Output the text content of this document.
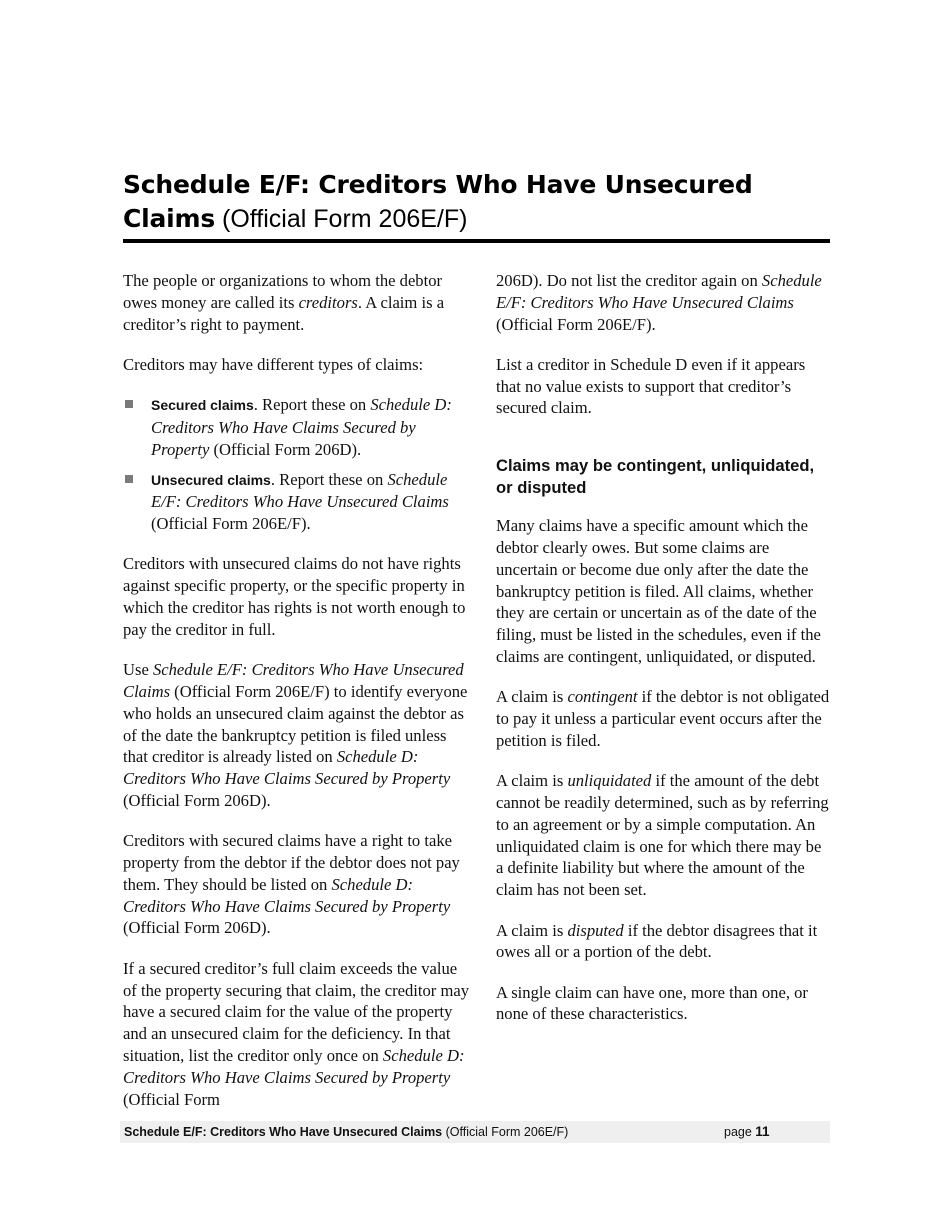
Schedule E/F: Creditors Who Have Unsecured
Claims (Official Form 206E/F)

The people or organizations to whom the debtor owes money are called its creditors. A claim is a creditor’s right to payment.

Creditors may have different types of claims:

Secured claims. Report these on Schedule D: Creditors Who Have Claims Secured by Property (Official Form 206D).
Unsecured claims. Report these on Schedule E/F: Creditors Who Have Unsecured Claims (Official Form 206E/F).

Creditors with unsecured claims do not have rights against specific property, or the specific property in which the creditor has rights is not worth enough to pay the creditor in full.

Use Schedule E/F: Creditors Who Have Unsecured Claims (Official Form 206E/F) to identify everyone who holds an unsecured claim against the debtor as of the date the bankruptcy petition is filed unless that creditor is already listed on Schedule D: Creditors Who Have Claims Secured by Property (Official Form 206D).

Creditors with secured claims have a right to take property from the debtor if the debtor does not pay them. They should be listed on Schedule D: Creditors Who Have Claims Secured by Property (Official Form 206D).

If a secured creditor’s full claim exceeds the value of the property securing that claim, the creditor may have a secured claim for the value of the property and an unsecured claim for the deficiency. In that situation, list the creditor only once on Schedule D: Creditors Who Have Claims Secured by Property (Official Form

206D). Do not list the creditor again on Schedule E/F: Creditors Who Have Unsecured Claims (Official Form 206E/F).

List a creditor in Schedule D even if it appears that no value exists to support that creditor’s secured claim.

Claims may be contingent, unliquidated, or disputed

Many claims have a specific amount which the debtor clearly owes. But some claims are uncertain or become due only after the date the bankruptcy petition is filed. All claims, whether they are certain or uncertain as of the date of the filing, must be listed in the schedules, even if the claims are contingent, unliquidated, or disputed.

A claim is contingent if the debtor is not obligated to pay it unless a particular event occurs after the petition is filed.

A claim is unliquidated if the amount of the debt cannot be readily determined, such as by referring to an agreement or by a simple computation. An unliquidated claim is one for which there may be a definite liability but where the amount of the claim has not been set.

A claim is disputed if the debtor disagrees that it owes all or a portion of the debt.

A single claim can have one, more than one, or none of these characteristics.

Schedule E/F: Creditors Who Have Unsecured Claims (Official Form 206E/F)	page 11
